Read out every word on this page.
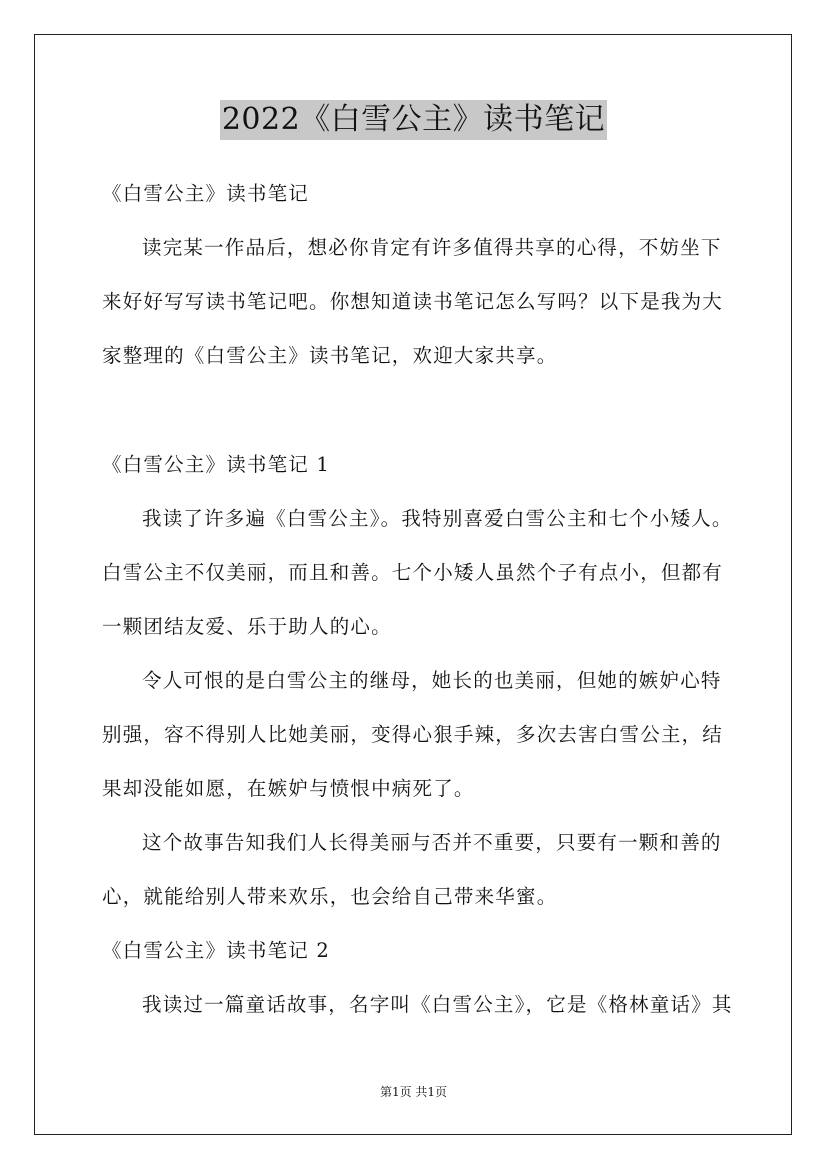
2022《白雪公主》读书笔记
《白雪公主》读书笔记
读完某一作品后，想必你肯定有许多值得共享的心得，不妨坐下
来好好写写读书笔记吧。你想知道读书笔记怎么写吗？以下是我为大
家整理的《白雪公主》读书笔记，欢迎大家共享。
《白雪公主》读书笔记 1
我读了许多遍《白雪公主》。我特别喜爱白雪公主和七个小矮人。
白雪公主不仅美丽，而且和善。七个小矮人虽然个子有点小，但都有
一颗团结友爱、乐于助人的心。
令人可恨的是白雪公主的继母，她长的也美丽，但她的嫉妒心特
别强，容不得别人比她美丽，变得心狠手辣，多次去害白雪公主，结
果却没能如愿，在嫉妒与愤恨中病死了。
这个故事告知我们人长得美丽与否并不重要，只要有一颗和善的
心，就能给别人带来欢乐，也会给自己带来华蜜。
《白雪公主》读书笔记 2
我读过一篇童话故事，名字叫《白雪公主》，它是《格林童话》其
第1页 共1页
